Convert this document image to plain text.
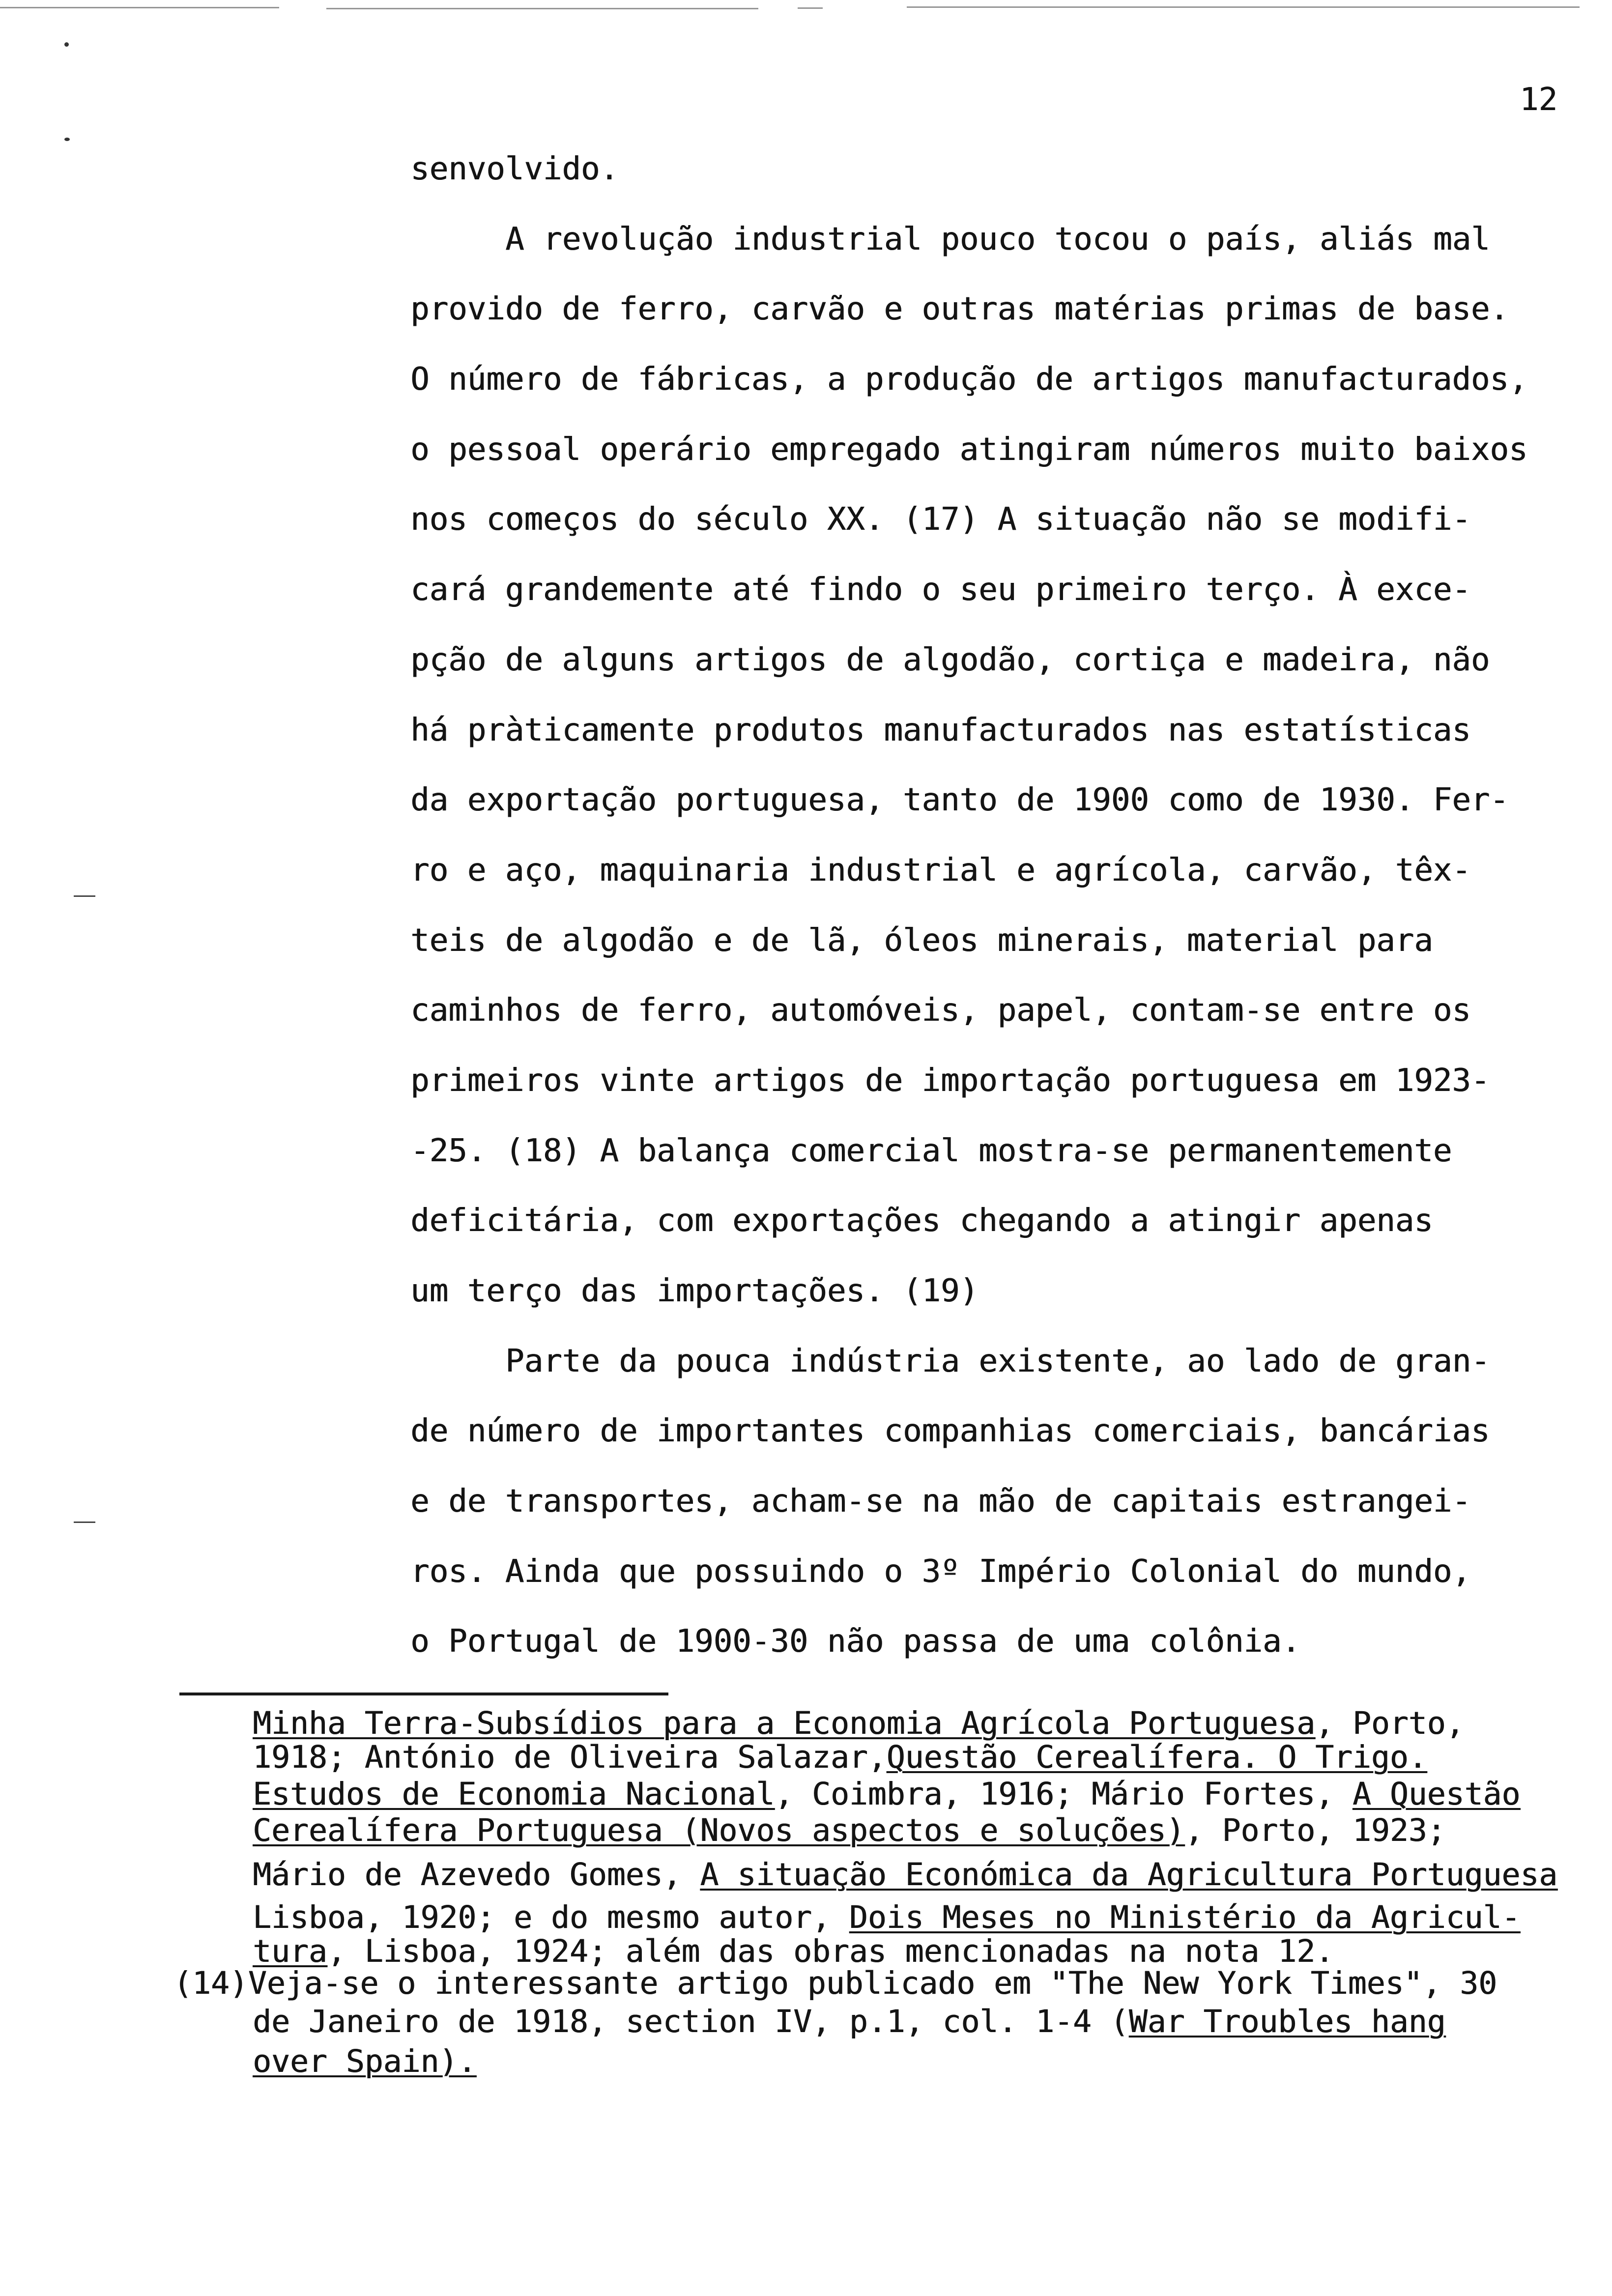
12
senvolvido.
A revolução industrial pouco tocou o país, aliás mal
provido de ferro, carvão e outras matérias primas de base.
O número de fábricas, a produção de artigos manufacturados,
o pessoal operário empregado atingiram números muito baixos
nos começos do século XX. (17) A situação não se modifi-
cará grandemente até findo o seu primeiro terço. À exce-
pção de alguns artigos de algodão, cortiça e madeira, não
há pràticamente produtos manufacturados nas estatísticas
da exportação portuguesa, tanto de 1900 como de 1930. Fer-
ro e aço, maquinaria industrial e agrícola, carvão, têx-
teis de algodão e de lã, óleos minerais, material para
caminhos de ferro, automóveis, papel, contam-se entre os
primeiros vinte artigos de importação portuguesa em 1923-
-25. (18) A balança comercial mostra-se permanentemente
deficitária, com exportações chegando a atingir apenas
um terço das importações. (19)
Parte da pouca indústria existente, ao lado de gran-
de número de importantes companhias comerciais, bancárias
e de transportes, acham-se na mão de capitais estrangei-
ros. Ainda que possuindo o 3º Império Colonial do mundo,
o Portugal de 1900-30 não passa de uma colônia.
Minha Terra-Subsídios para a Economia Agrícola Portuguesa, Porto,
1918; António de Oliveira Salazar,Questão Cerealífera. O Trigo.
Estudos de Economia Nacional, Coimbra, 1916; Mário Fortes, A Questão
Cerealífera Portuguesa (Novos aspectos e soluções), Porto, 1923;
Mário de Azevedo Gomes, A situação Económica da Agricultura Portuguesa
Lisboa, 1920; e do mesmo autor, Dois Meses no Ministério da Agricul-
tura, Lisboa, 1924; além das obras mencionadas na nota 12.
(14)Veja-se o interessante artigo publicado em "The New York Times", 30
de Janeiro de 1918, section IV, p.1, col. 1-4 (War Troubles hang
over Spain).
